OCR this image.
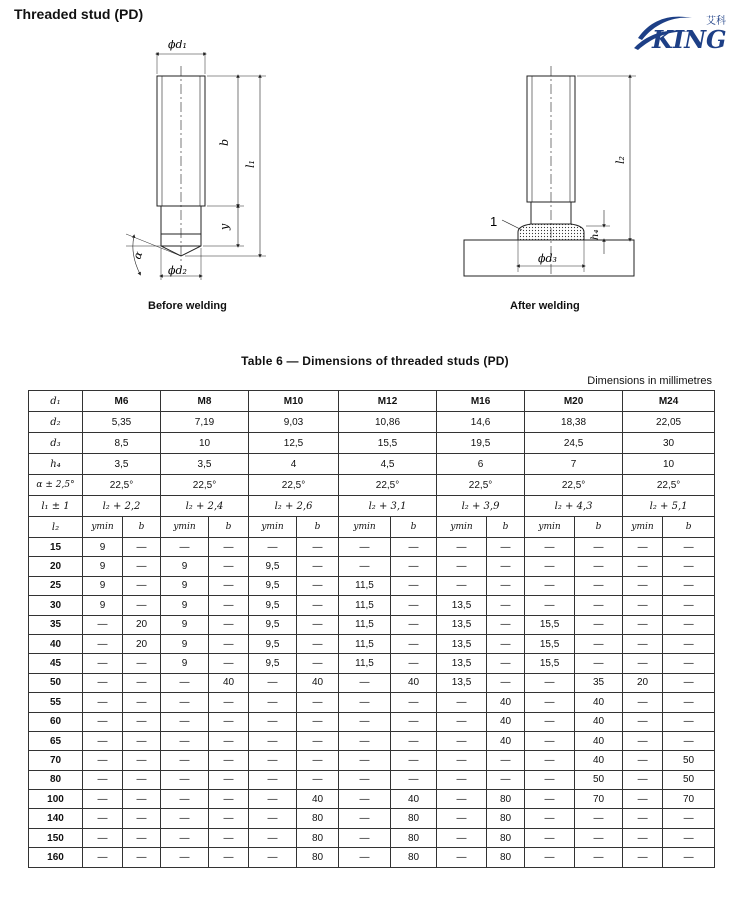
Threaded stud (PD)
KING
艾科
ϕd₁
b
y
l₁
ϕd₂
α
1
l₂
h₄
ϕd₃
Before welding	After welding
Table 6 — Dimensions of threaded studs (PD)
Dimensions in millimetres
d₁	M6		M8		M10		M12		M16		M20		M24	
d₂	5,35		7,19		9,03		10,86		14,6		18,38		22,05	
d₃	8,5		10		12,5		15,5		19,5		24,5		30	
h₄	3,5		3,5		4		4,5		6		7		10	
α ± 2,5°	22,5°		22,5°		22,5°		22,5°		22,5°		22,5°		22,5°	
l₁ ± 1	l₂ + 2,2		l₂ + 2,4		l₂ + 2,6		l₂ + 3,1		l₂ + 3,9		l₂ + 4,3		l₂ + 5,1	
l₂	ymin	b	ymin	b	ymin	b	ymin	b	ymin	b	ymin	b	ymin	b
15	9	—	—	—	—	—	—	—	—	—	—	—	—	—
20	9	—	9	—	9,5	—	—	—	—	—	—	—	—	—
25	9	—	9	—	9,5	—	11,5	—	—	—	—	—	—	—
30	9	—	9	—	9,5	—	11,5	—	13,5	—	—	—	—	—
35	—	20	9	—	9,5	—	11,5	—	13,5	—	15,5	—	—	—
40	—	20	9	—	9,5	—	11,5	—	13,5	—	15,5	—	—	—
45	—	—	9	—	9,5	—	11,5	—	13,5	—	15,5	—	—	—
50	—	—	—	40	—	40	—	40	13,5	—	—	35	20	—
55	—	—	—	—	—	—	—	—	—	40	—	40	—	—
60	—	—	—	—	—	—	—	—	—	40	—	40	—	—
65	—	—	—	—	—	—	—	—	—	40	—	40	—	—
70	—	—	—	—	—	—	—	—	—	—	—	40	—	50
80	—	—	—	—	—	—	—	—	—	—	—	50	—	50
100	—	—	—	—	—	40	—	40	—	80	—	70	—	70
140	—	—	—	—	—	80	—	80	—	80	—	—	—	—
150	—	—	—	—	—	80	—	80	—	80	—	—	—	—
160	—	—	—	—	—	80	—	80	—	80	—	—	—	—
